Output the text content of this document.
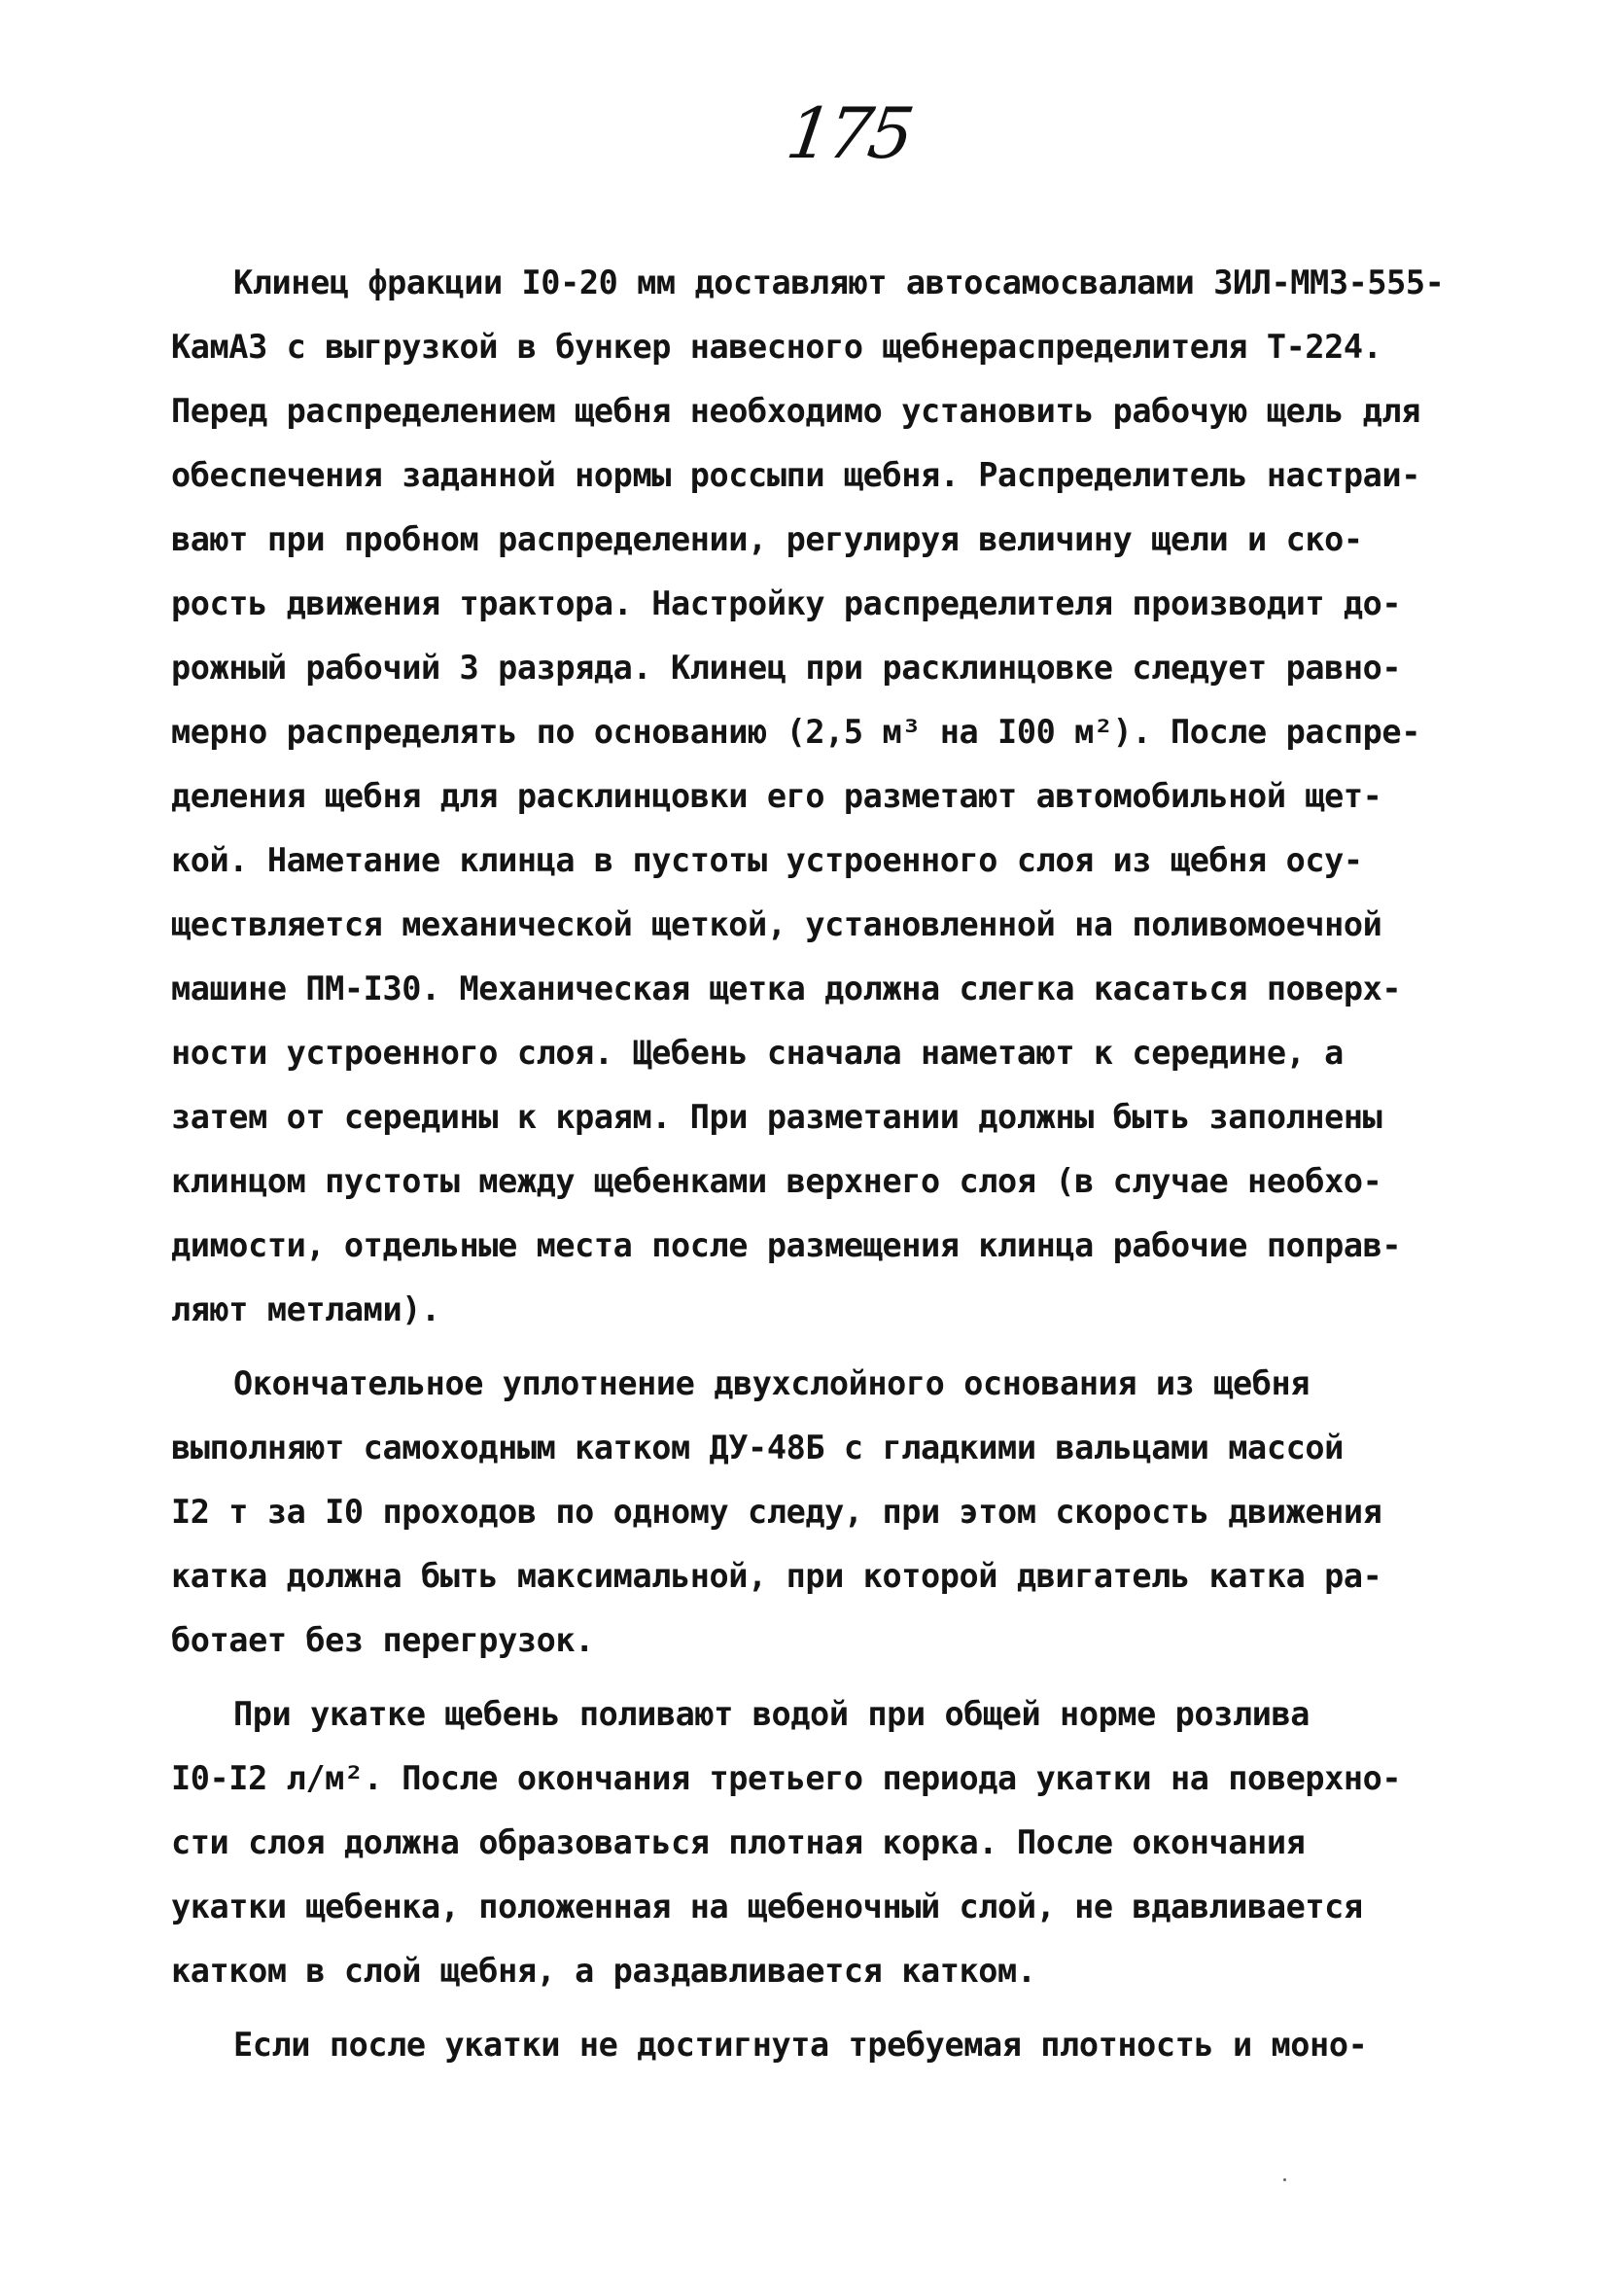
175
Клинец фракции I0-20 мм доставляют автосамосвалами ЗИЛ-ММЗ-555-
КамАЗ с выгрузкой в бункер навесного щебнераспределителя Т-224.
Перед распределением щебня необходимо установить рабочую щель для
обеспечения заданной нормы россыпи щебня. Распределитель настраи-
вают при пробном распределении, регулируя величину щели и ско-
рость движения трактора. Настройку распределителя производит до-
рожный рабочий 3 разряда. Клинец при расклинцовке следует равно-
мерно распределять по основанию (2,5 м³ на I00 м²). После распре-
деления щебня для расклинцовки его разметают автомобильной щет-
кой. Наметание клинца в пустоты устроенного слоя из щебня осу-
ществляется механической щеткой, установленной на поливомоечной
машине ПМ-I30. Механическая щетка должна слегка касаться поверх-
ности устроенного слоя. Щебень сначала наметают к середине, а
затем от середины к краям. При разметании должны быть заполнены
клинцом пустоты между щебенками верхнего слоя (в случае необхо-
димости, отдельные места после размещения клинца рабочие поправ-
ляют метлами).
Окончательное уплотнение двухслойного основания из щебня
выполняют самоходным катком ДУ-48Б с гладкими вальцами массой
I2 т за I0 проходов по одному следу, при этом скорость движения
катка должна быть максимальной, при которой двигатель катка ра-
ботает без перегрузок.
При укатке щебень поливают водой при общей норме розлива
I0-I2 л/м². После окончания третьего периода укатки на поверхно-
сти слоя должна образоваться плотная корка. После окончания
укатки щебенка, положенная на щебеночный слой, не вдавливается
катком в слой щебня, а раздавливается катком.
Если после укатки не достигнута требуемая плотность и моно-
